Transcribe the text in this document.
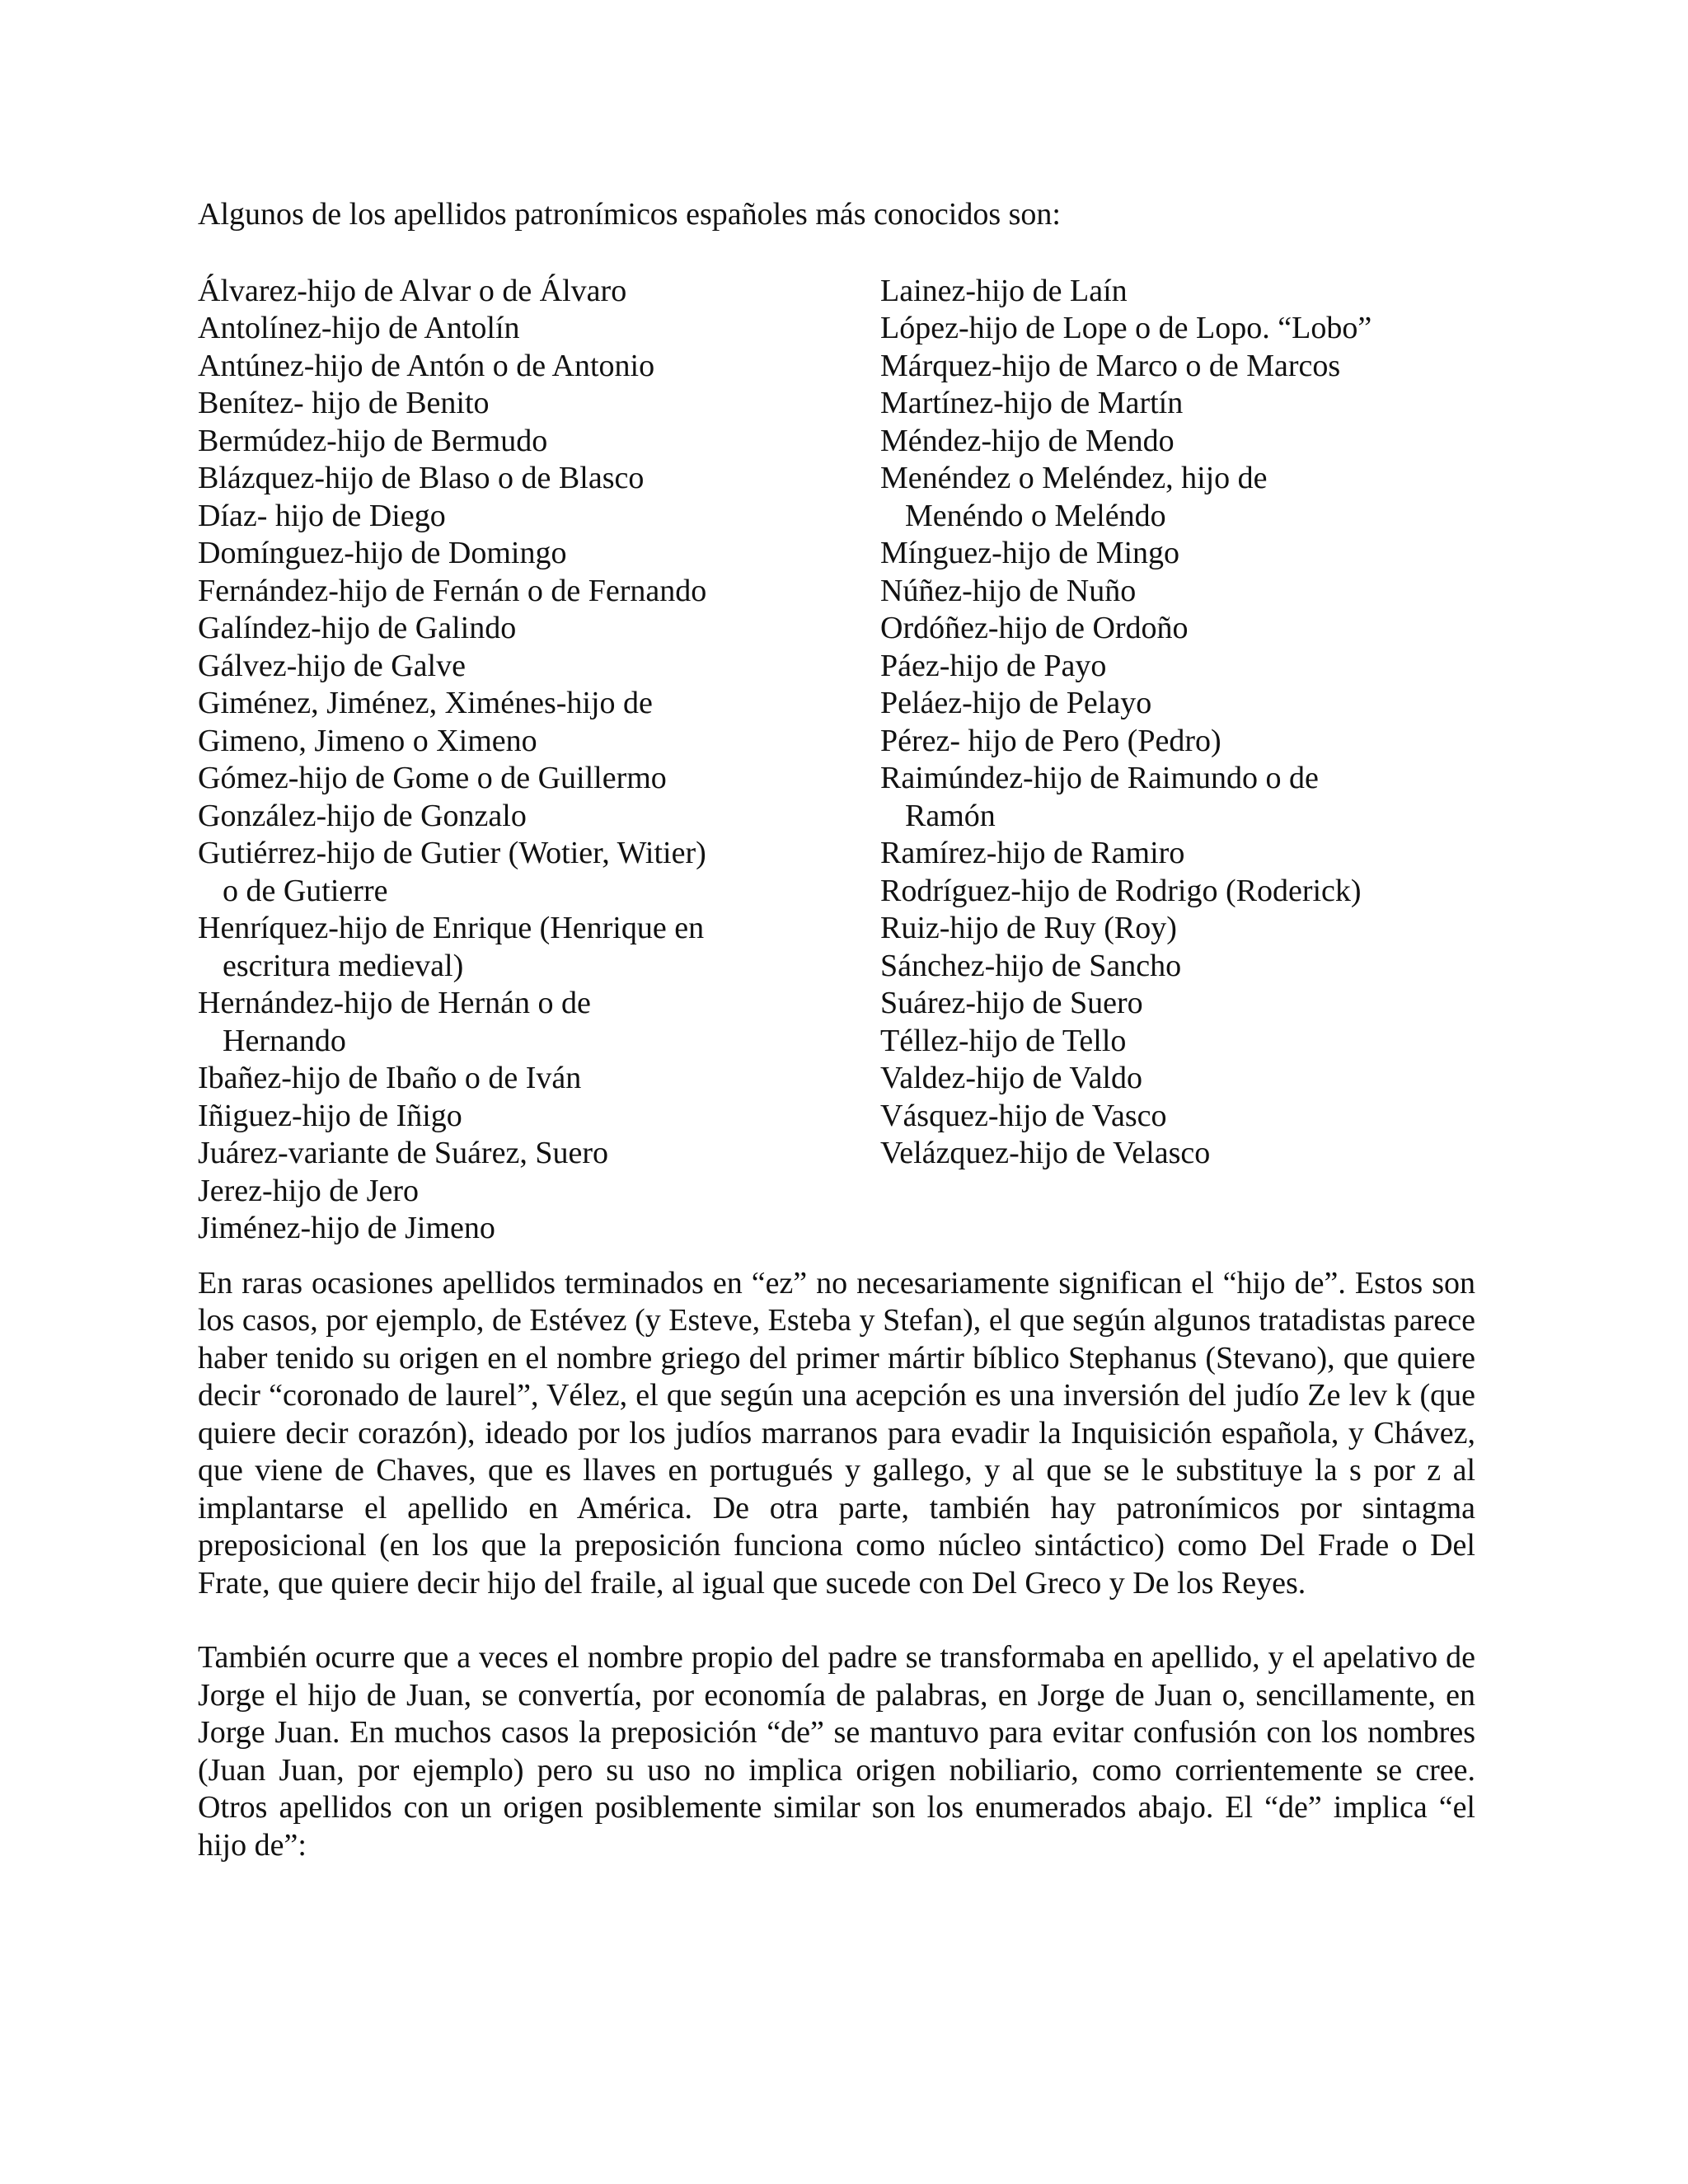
Algunos de los apellidos patronímicos españoles más conocidos son:

Álvarez-hijo de Alvar o de Álvaro
Antolínez-hijo de Antolín
Antúnez-hijo de Antón o de Antonio
Benítez- hijo de Benito
Bermúdez-hijo de Bermudo
Blázquez-hijo de Blaso o de Blasco
Díaz- hijo de Diego
Domínguez-hijo de Domingo
Fernández-hijo de Fernán o de Fernando
Galíndez-hijo de Galindo
Gálvez-hijo de Galve
Giménez, Jiménez, Ximénes-hijo de
Gimeno, Jimeno o Ximeno
Gómez-hijo de Gome o de Guillermo
González-hijo de Gonzalo
Gutiérrez-hijo de Gutier (Wotier, Witier)
o de Gutierre
Henríquez-hijo de Enrique (Henrique en
escritura medieval)
Hernández-hijo de Hernán o de
Hernando
Ibañez-hijo de Ibaño o de Iván
Iñiguez-hijo de Iñigo
Juárez-variante de Suárez, Suero
Jerez-hijo de Jero
Jiménez-hijo de Jimeno
Lainez-hijo de Laín
López-hijo de Lope o de Lopo. “Lobo”
Márquez-hijo de Marco o de Marcos
Martínez-hijo de Martín
Méndez-hijo de Mendo
Menéndez o Meléndez, hijo de
Menéndo o Meléndo
Mínguez-hijo de Mingo
Núñez-hijo de Nuño
Ordóñez-hijo de Ordoño
Páez-hijo de Payo
Peláez-hijo de Pelayo
Pérez- hijo de Pero (Pedro)
Raimúndez-hijo de Raimundo o de
Ramón
Ramírez-hijo de Ramiro
Rodríguez-hijo de Rodrigo (Roderick)
Ruiz-hijo de Ruy (Roy)
Sánchez-hijo de Sancho
Suárez-hijo de Suero
Téllez-hijo de Tello
Valdez-hijo de Valdo
Vásquez-hijo de Vasco
Velázquez-hijo de Velasco

En raras ocasiones apellidos terminados en “ez” no necesariamente significan el “hijo de”. Estos son los casos, por ejemplo, de Estévez (y Esteve, Esteba y Stefan), el que según algunos tratadistas parece haber tenido su origen en el nombre griego del primer mártir bíblico Stephanus (Stevano), que quiere decir “coronado de laurel”, Vélez, el que según una acepción es una inversión del judío Ze lev k (que quiere decir corazón), ideado por los judíos marranos para evadir la Inquisición española, y Chávez, que viene de Chaves, que es llaves en portugués y gallego, y al que se le substituye la s por z al implantarse el apellido en América. De otra parte, también hay patronímicos por sintagma preposicional (en los que la preposición funciona como núcleo sintáctico) como Del Frade o Del Frate, que quiere decir hijo del fraile, al igual que sucede con Del Greco y De los Reyes.

También ocurre que a veces el nombre propio del padre se transformaba en apellido, y el apelativo de Jorge el hijo de Juan, se convertía, por economía de palabras, en Jorge de Juan o, sencillamente, en Jorge Juan. En muchos casos la preposición “de” se mantuvo para evitar confusión con los nombres (Juan Juan, por ejemplo) pero su uso no implica origen nobiliario, como corrientemente se cree. Otros apellidos con un origen posiblemente similar son los enumerados abajo. El “de” implica “el hijo de”:
